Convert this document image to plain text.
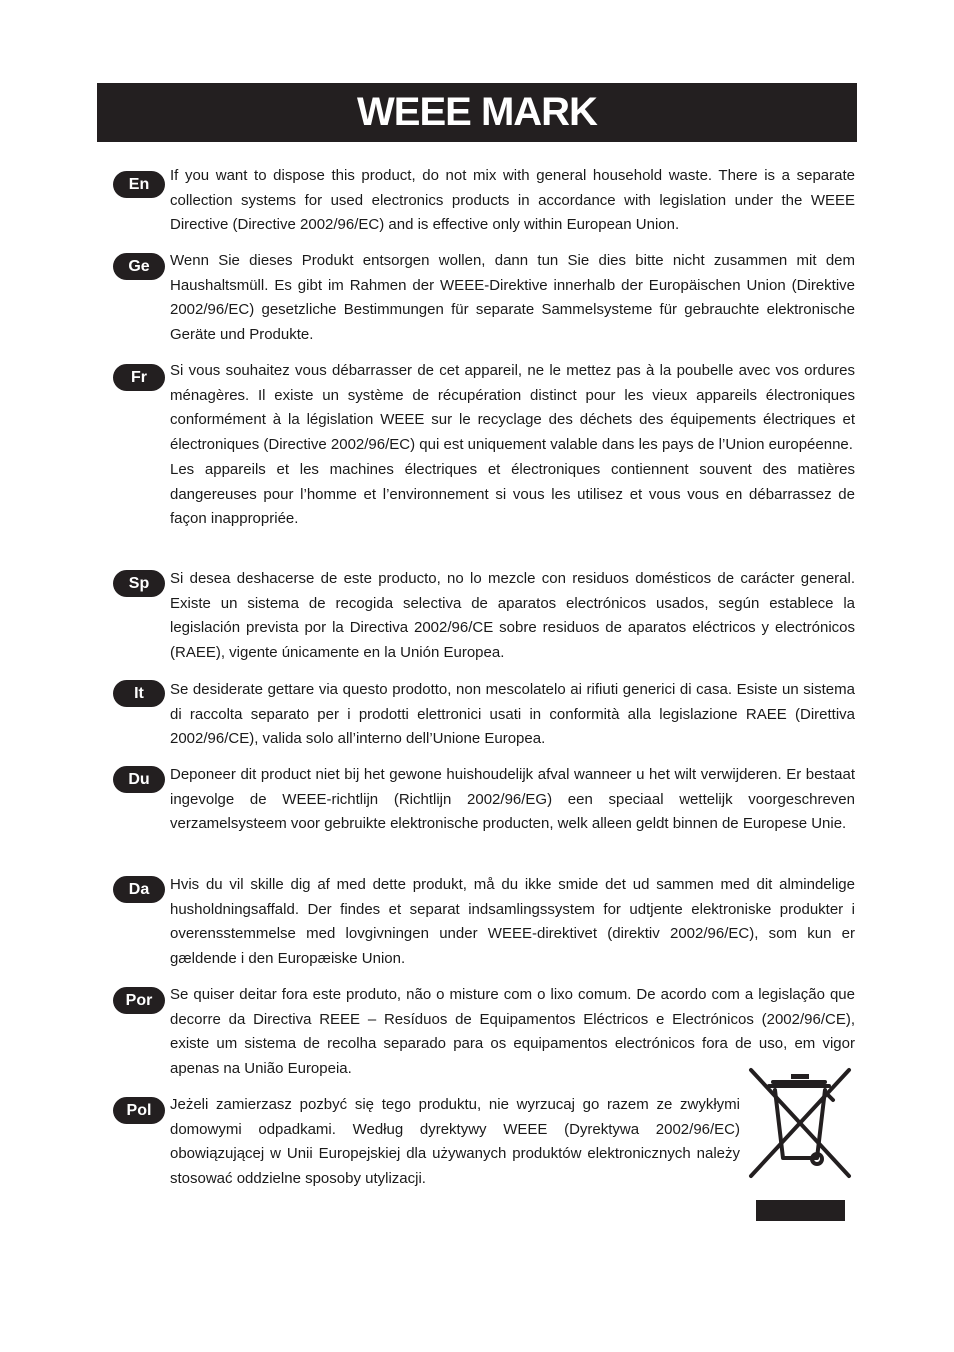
WEEE MARK
En	If you want to dispose this product, do not mix with general household waste. There is a separate collection systems for used electronics products in accordance with legislation under the WEEE Directive (Directive 2002/96/EC) and is effective only within European Union.

Ge	Wenn Sie dieses Produkt entsorgen wollen, dann tun Sie dies bitte nicht zusammen mit dem Haushaltsmüll. Es gibt im Rahmen der WEEE-Direktive innerhalb der Europäischen Union (Direktive 2002/96/EC) gesetzliche Bestimmungen für separate Sammelsysteme für gebrauchte elektronische Geräte und Produkte.

Fr	Si vous souhaitez vous débarrasser de cet appareil, ne le mettez pas à la poubelle avec vos ordures ménagères. Il existe un système de récupération distinct pour les vieux appareils électroniques conformément à la législation WEEE sur le recyclage des déchets des équipements électriques et électroniques (Directive 2002/96/EC) qui est uniquement valable dans les pays de l’Union européenne.

Les appareils et les machines électriques et électroniques contiennent souvent des matières dangereuses pour l’homme et l’environnement si vous les utilisez et vous vous en débarrassez de façon inappropriée.

Sp	Si desea deshacerse de este producto, no lo mezcle con residuos domésticos de carácter general. Existe un sistema de recogida selectiva de aparatos electrónicos usados, según establece la legislación prevista por la Directiva 2002/96/CE sobre residuos de aparatos eléctricos y electrónicos (RAEE), vigente únicamente en la Unión Europea.

It	Se desiderate gettare via questo prodotto, non mescolatelo ai rifiuti generici di casa. Esiste un sistema di raccolta separato per i prodotti elettronici usati in conformità alla legislazione RAEE (Direttiva 2002/96/CE), valida solo all’interno dell’Unione Europea.

Du	Deponeer dit product niet bij het gewone huishoudelijk afval wanneer u het wilt verwijderen. Er bestaat ingevolge de WEEE-richtlijn (Richtlijn 2002/96/EG) een speciaal wettelijk voorgeschreven verzamelsysteem voor gebruikte elektronische producten, welk alleen geldt binnen de Europese Unie.

Da	Hvis du vil skille dig af med dette produkt, må du ikke smide det ud sammen med dit almindelige husholdningsaffald. Der findes et separat indsamlingssystem for udtjente elektroniske produkter i overensstemmelse med lovgivningen under WEEE-direktivet (direktiv 2002/96/EC), som kun er gældende i den Europæiske Union.

Por	Se quiser deitar fora este produto, não o misture com o lixo comum. De acordo com a legislação que decorre da Directiva REEE – Resíduos de Equipamentos Eléctricos e Electrónicos (2002/96/CE), existe um sistema de recolha separado para os equipamentos electrónicos fora de uso, em vigor apenas na União Europeia.

Pol	Jeżeli zamierzasz pozbyć się tego produktu, nie wyrzucaj go razem ze zwykłymi domowymi odpadkami. Według dyrektywy WEEE (Dyrektywa 2002/96/EC) obowiązującej w Unii Europejskiej dla używanych produktów elektronicznych należy stosować oddzielne sposoby utylizacji.
